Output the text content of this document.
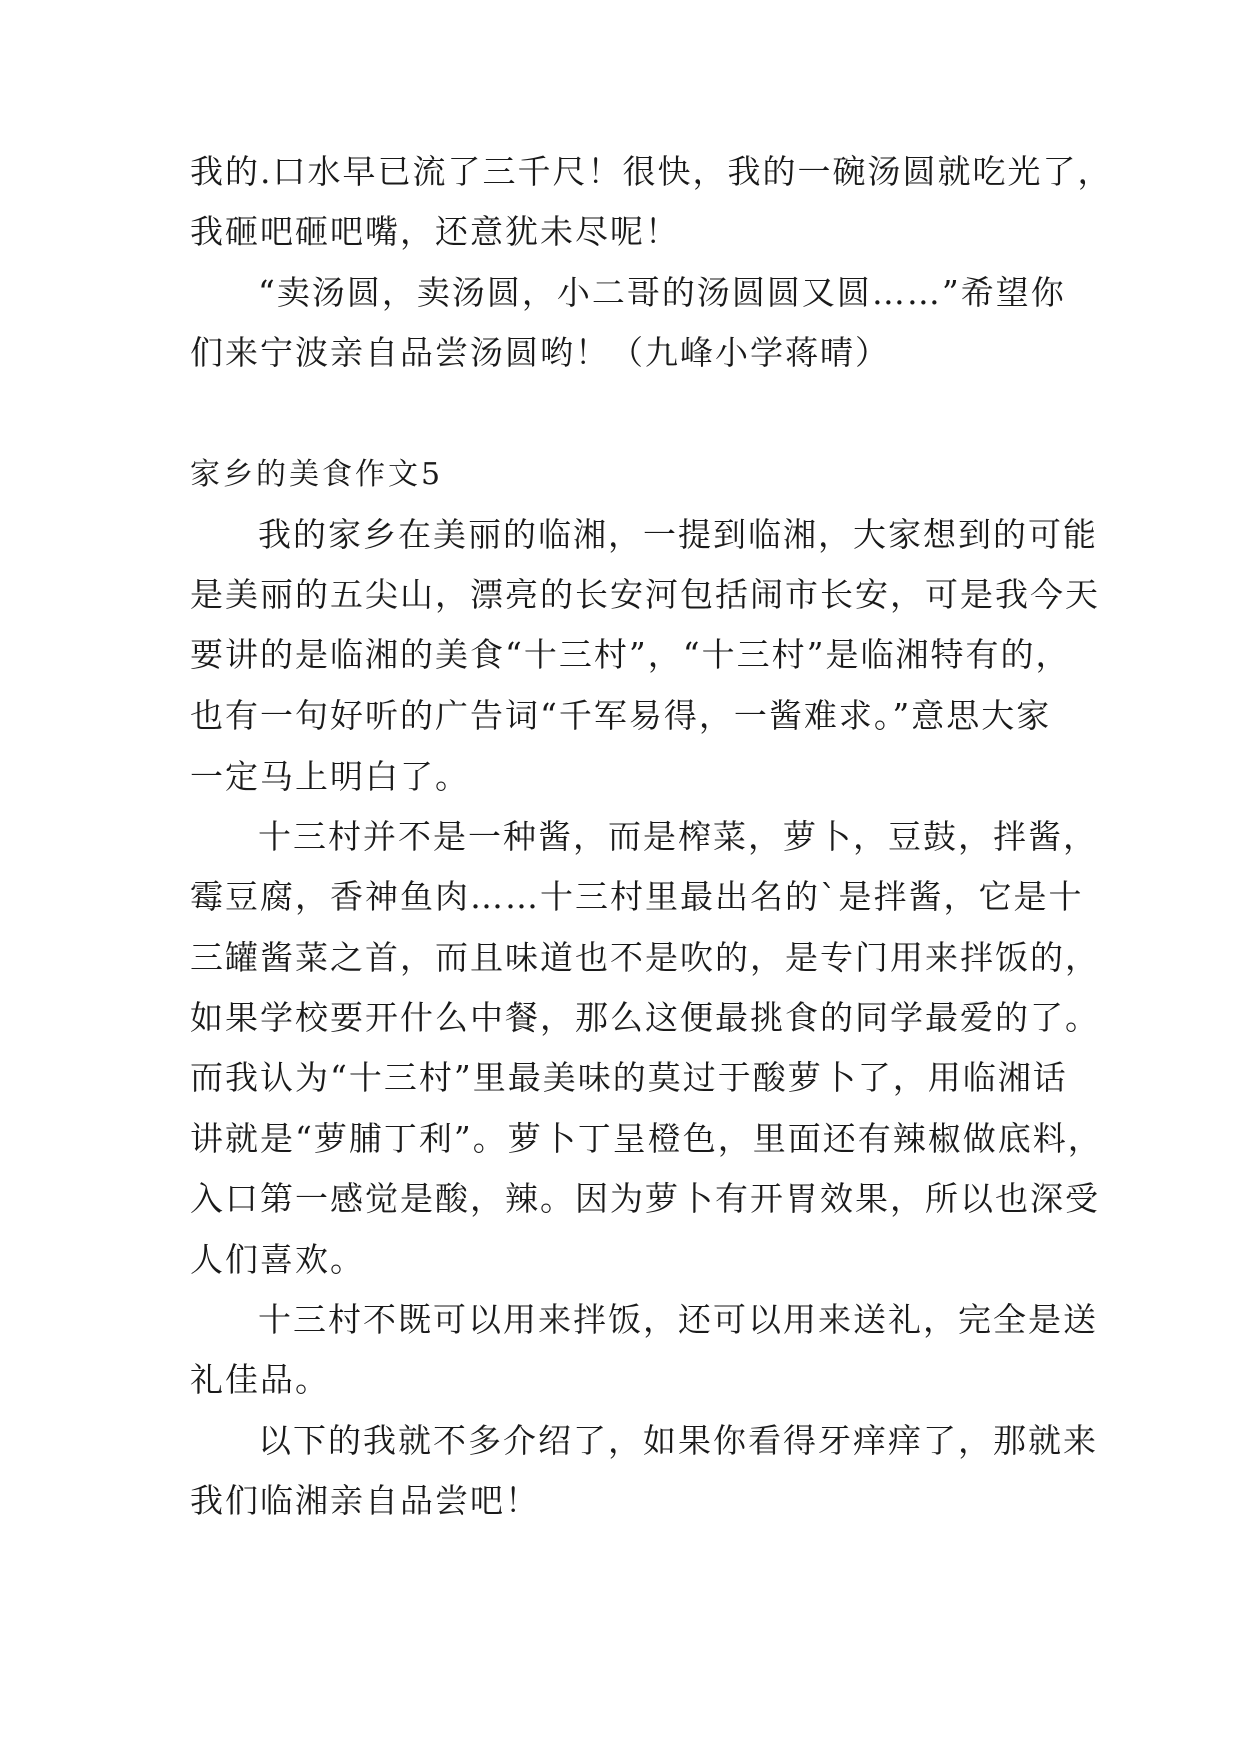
我的.口水早已流了三千尺！很快，我的一碗汤圆就吃光了，
我砸吧砸吧嘴，还意犹未尽呢！
“卖汤圆，卖汤圆，小二哥的汤圆圆又圆……”希望你
们来宁波亲自品尝汤圆哟！（九峰小学蒋晴）
家乡的美食作文5
我的家乡在美丽的临湘，一提到临湘，大家想到的可能
是美丽的五尖山，漂亮的长安河包括闹市长安，可是我今天
要讲的是临湘的美食“十三村”，“十三村”是临湘特有的，
也有一句好听的广告词“千军易得，一酱难求。”意思大家
一定马上明白了。
十三村并不是一种酱，而是榨菜，萝卜，豆鼓，拌酱，
霉豆腐，香神鱼肉……十三村里最出名的`是拌酱，它是十
三罐酱菜之首，而且味道也不是吹的，是专门用来拌饭的，
如果学校要开什么中餐，那么这便最挑食的同学最爱的了。
而我认为“十三村”里最美味的莫过于酸萝卜了，用临湘话
讲就是“萝脯丁利”。萝卜丁呈橙色，里面还有辣椒做底料，
入口第一感觉是酸，辣。因为萝卜有开胃效果，所以也深受
人们喜欢。
十三村不既可以用来拌饭，还可以用来送礼，完全是送
礼佳品。
以下的我就不多介绍了，如果你看得牙痒痒了，那就来
我们临湘亲自品尝吧！
